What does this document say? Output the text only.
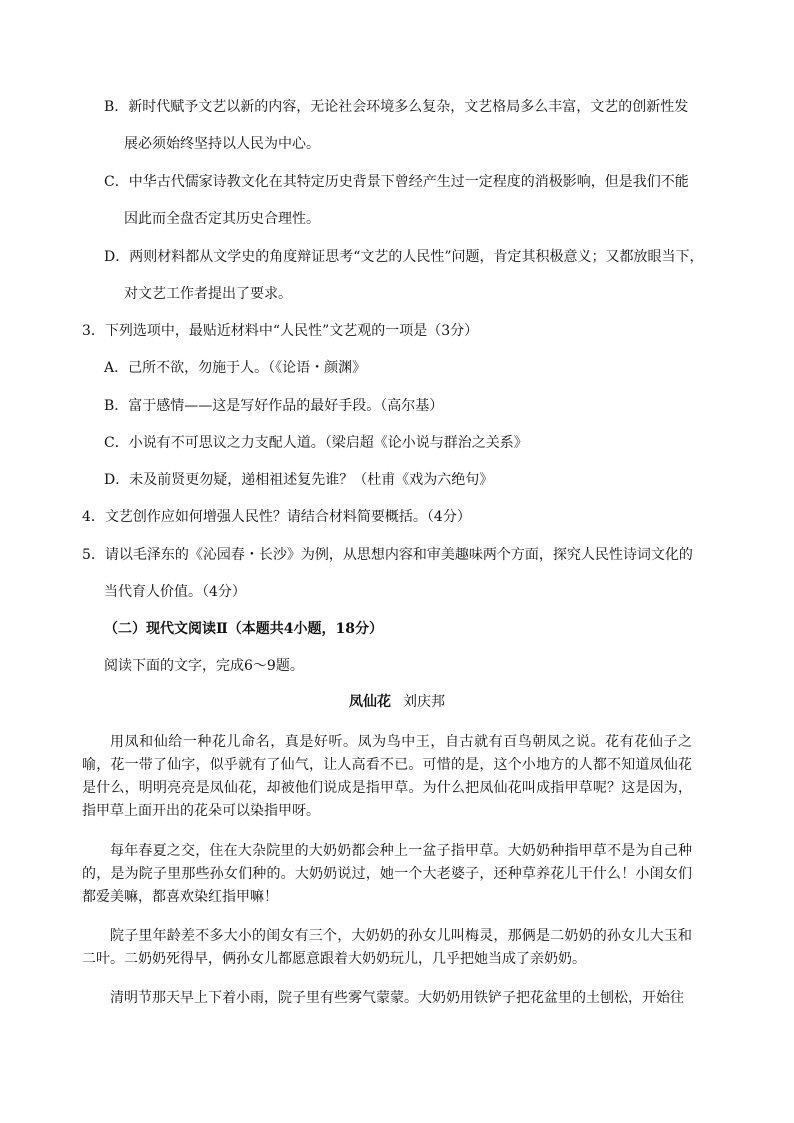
B．新时代赋予文艺以新的内容，无论社会环境多么复杂，文艺格局多么丰富，文艺的创新性发
展必须始终坚持以人民为中心。
C．中华古代儒家诗教文化在其特定历史背景下曾经产生过一定程度的消极影响，但是我们不能
因此而全盘否定其历史合理性。
D．两则材料都从文学史的角度辩证思考“文艺的人民性”问题，肯定其积极意义；又都放眼当下，
对文艺工作者提出了要求。
3．下列选项中，最贴近材料中“人民性”文艺观的一项是（3分）
A．己所不欲，勿施于人。（《论语・颜渊》
B．富于感情——这是写好作品的最好手段。（高尔基）
C．小说有不可思议之力支配人道。（梁启超《论小说与群治之关系》
D．未及前贤更勿疑，递相祖述复先谁？（杜甫《戏为六绝句》
4．文艺创作应如何增强人民性？请结合材料简要概括。（4分）
5．请以毛泽东的《沁园春・长沙》为例，从思想内容和审美趣味两个方面，探究人民性诗词文化的
当代育人价值。（4分）
（二）现代文阅读Ⅱ（本题共4小题，18分）
阅读下面的文字，完成6～9题。
凤仙花 刘庆邦
用凤和仙给一种花儿命名，真是好听。凤为鸟中王，自古就有百鸟朝凤之说。花有花仙子之喻，花一带了仙字，似乎就有了仙气，让人高看不已。可惜的是，这个小地方的人都不知道凤仙花是什么，明明亮亮是凤仙花，却被他们说成是指甲草。为什么把凤仙花叫成指甲草呢？这是因为，指甲草上面开出的花朵可以染指甲呀。
每年春夏之交，住在大杂院里的大奶奶都会种上一盆子指甲草。大奶奶种指甲草不是为自己种的，是为院子里那些孙女们种的。大奶奶说过，她一个大老婆子，还种草养花儿干什么！小闺女们都爱美嘛，都喜欢染红指甲嘛！
院子里年龄差不多大小的闺女有三个，大奶奶的孙女儿叫梅灵，那俩是二奶奶的孙女儿大玉和二叶。二奶奶死得早，俩孙女儿都愿意跟着大奶奶玩儿，几乎把她当成了亲奶奶。
清明节那天早上下着小雨，院子里有些雾气蒙蒙。大奶奶用铁铲子把花盆里的土刨松，开始往
